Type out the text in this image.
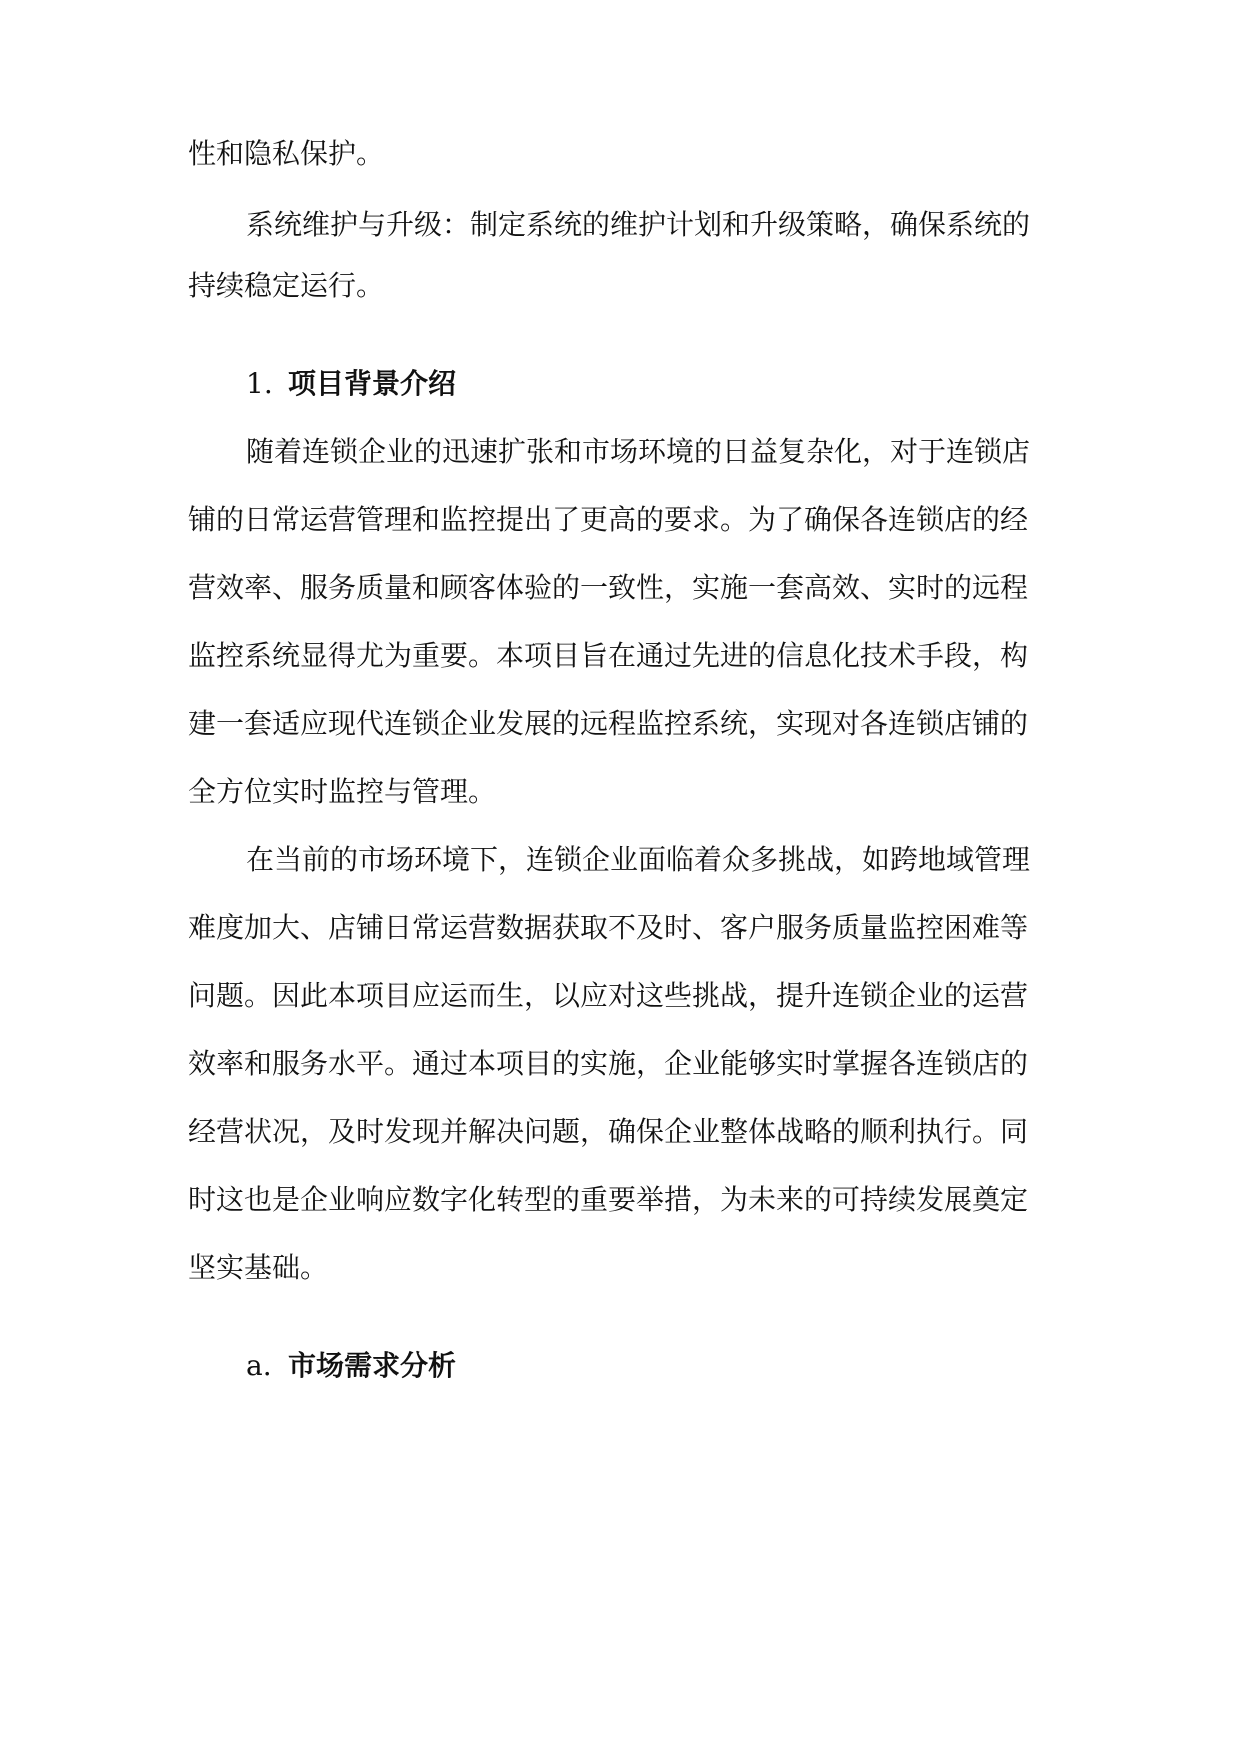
性和隐私保护。
系统维护与升级：制定系统的维护计划和升级策略，确保系统的
持续稳定运行。
1. 项目背景介绍
随着连锁企业的迅速扩张和市场环境的日益复杂化，对于连锁店
铺的日常运营管理和监控提出了更高的要求。为了确保各连锁店的经
营效率、服务质量和顾客体验的一致性，实施一套高效、实时的远程
监控系统显得尤为重要。本项目旨在通过先进的信息化技术手段，构
建一套适应现代连锁企业发展的远程监控系统，实现对各连锁店铺的
全方位实时监控与管理。
在当前的市场环境下，连锁企业面临着众多挑战，如跨地域管理
难度加大、店铺日常运营数据获取不及时、客户服务质量监控困难等
问题。因此本项目应运而生，以应对这些挑战，提升连锁企业的运营
效率和服务水平。通过本项目的实施，企业能够实时掌握各连锁店的
经营状况，及时发现并解决问题，确保企业整体战略的顺利执行。同
时这也是企业响应数字化转型的重要举措，为未来的可持续发展奠定
坚实基础。
a. 市场需求分析
